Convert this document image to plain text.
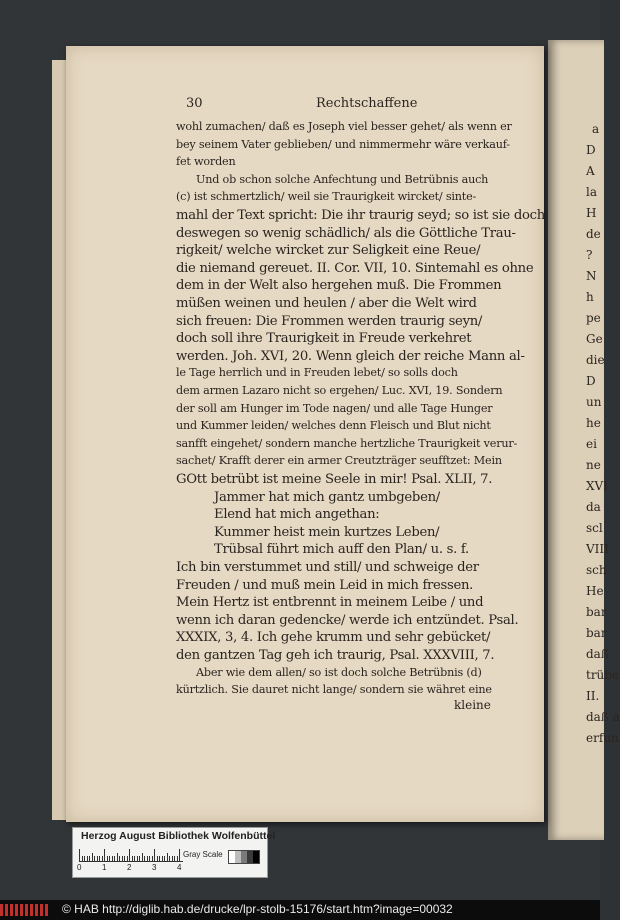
a
D
A
la
H
de
?
N
h
pe
Ge
die
D
un
he
ei
ne
XVI
da
scl
VIII
sch
He
bar
bar
daß
trübe
II.
daß a
erfun
30	Rechtschaffene
wohl zumachen/ daß es Joseph viel besser gehet/ als wenn er
bey seinem Vater geblieben/ und nimmermehr wäre verkauf-
fet worden
Und ob schon solche Anfechtung und Betrübnis auch
(c) ist schmertzlich/ weil sie Traurigkeit wircket/ sinte-
mahl der Text spricht: Die ihr traurig seyd; so ist sie doch
deswegen so wenig schädlich/ als die Göttliche Trau-
rigkeit/ welche wircket zur Seligkeit eine Reue/
die niemand gereuet. II. Cor. VII, 10. Sintemahl es ohne
dem in der Welt also hergehen muß. Die Frommen
müßen weinen und heulen / aber die Welt wird
sich freuen: Die Frommen werden traurig seyn/
doch soll ihre Traurigkeit in Freude verkehret
werden. Joh. XVI, 20. Wenn gleich der reiche Mann al-
le Tage herrlich und in Freuden lebet/ so solls doch
dem armen Lazaro nicht so ergehen/ Luc. XVI, 19. Sondern
der soll am Hunger im Tode nagen/ und alle Tage Hunger
und Kummer leiden/ welches denn Fleisch und Blut nicht
sanfft eingehet/ sondern manche hertzliche Traurigkeit verur-
sachet/ Krafft derer ein armer Creutzträger seufftzet: Mein
GOtt betrübt ist meine Seele in mir! Psal. XLII, 7.
Jammer hat mich gantz umbgeben/
Elend hat mich angethan:
Kummer heist mein kurtzes Leben/
Trübsal führt mich auff den Plan/ u. s. f.
Ich bin verstummet und still/ und schweige der
Freuden / und muß mein Leid in mich fressen.
Mein Hertz ist entbrennt in meinem Leibe / und
wenn ich daran gedencke/ werde ich entzündet. Psal.
XXXIX, 3, 4. Ich gehe krumm und sehr gebücket/
den gantzen Tag geh ich traurig, Psal. XXXVIII, 7.
Aber wie dem allen/ so ist doch solche Betrübnis (d)
kürtzlich. Sie dauret nicht lange/ sondern sie währet eine
kleine
Herzog August Bibliothek Wolfenbüttel
Gray Scale
0	1	2	3	4
© HAB http://diglib.hab.de/drucke/lpr-stolb-15176/start.htm?image=00032
